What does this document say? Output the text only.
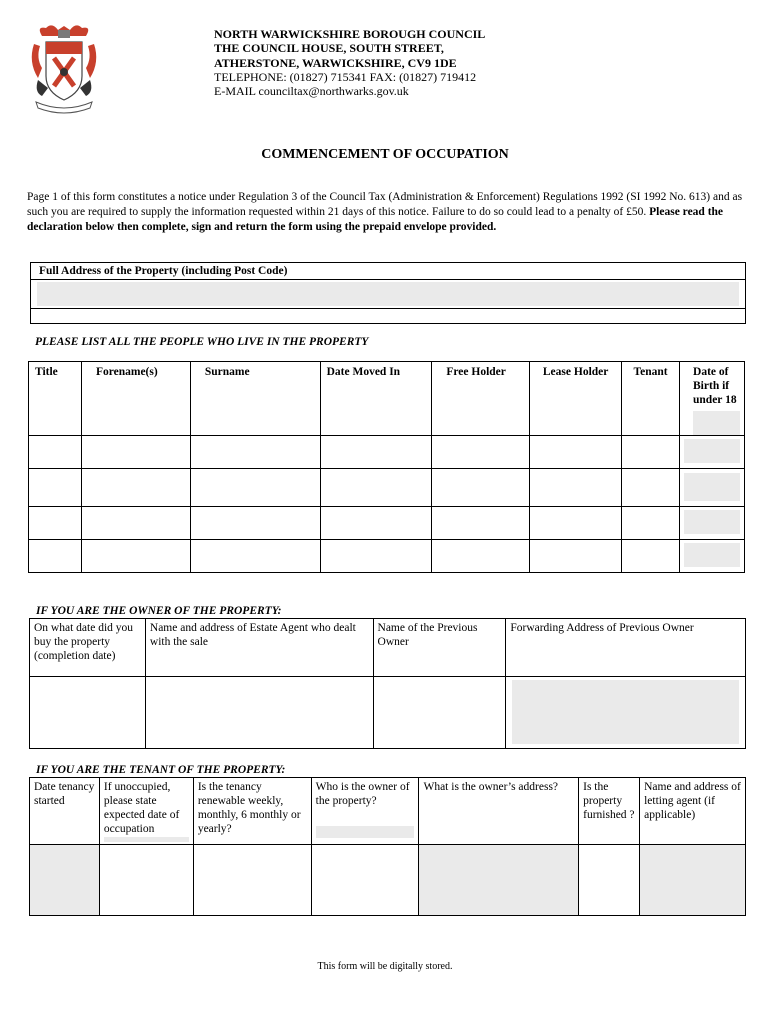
NORTH WARWICKSHIRE BOROUGH COUNCIL
THE COUNCIL HOUSE, SOUTH STREET,
ATHERSTONE, WARWICKSHIRE, CV9 1DE
TELEPHONE: (01827) 715341 FAX: (01827) 719412
E-MAIL counciltax@northwarks.gov.uk
COMMENCEMENT OF OCCUPATION
Page 1 of this form constitutes a notice under Regulation 3 of the Council Tax (Administration & Enforcement) Regulations 1992 (SI 1992 No. 613) and as such you are required to supply the information requested within 21 days of this notice. Failure to do so could lead to a penalty of £50. Please read the declaration below then complete, sign and return the form using the prepaid envelope provided.
Full Address of the Property (including Post Code)

PLEASE LIST ALL THE PEOPLE WHO LIVE IN THE PROPERTY
Title	Forename(s)	Surname	Date Moved In	Free Holder	Lease Holder	Tenant	Date of Birth if under 18

IF YOU ARE THE OWNER OF THE PROPERTY:
On what date did you buy the property (completion date)	Name and address of Estate Agent who dealt with the sale	Name of the Previous Owner	Forwarding Address of Previous Owner

IF YOU ARE THE TENANT OF THE PROPERTY:
Date tenancy started	If unoccupied, please state expected date of occupation	Is the tenancy renewable weekly, monthly, 6 monthly or yearly?	Who is the owner of the property?	What is the owner’s address?	Is the property furnished ?	Name and address of letting agent (if applicable)

This form will be digitally stored.
